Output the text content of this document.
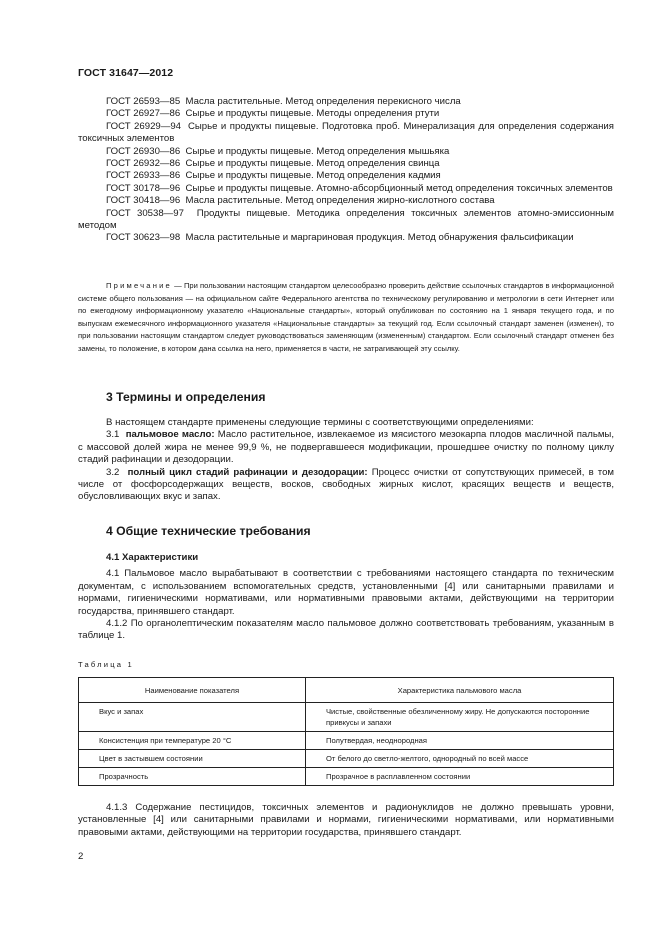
ГОСТ 31647—2012

ГОСТ 26593—85 Масла растительные. Метод определения перекисного числа

ГОСТ 26927—86 Сырье и продукты пищевые. Методы определения ртути

ГОСТ 26929—94 Сырье и продукты пищевые. Подготовка проб. Минерализация для определения содержания токсичных элементов

ГОСТ 26930—86 Сырье и продукты пищевые. Метод определения мышьяка

ГОСТ 26932—86 Сырье и продукты пищевые. Метод определения свинца

ГОСТ 26933—86 Сырье и продукты пищевые. Метод определения кадмия

ГОСТ 30178—96 Сырье и продукты пищевые. Атомно-абсорбционный метод определения токсичных элементов

ГОСТ 30418—96 Масла растительные. Метод определения жирно-кислотного состава

ГОСТ 30538—97 Продукты пищевые. Методика определения токсичных элементов атомно-эмиссионным методом

ГОСТ 30623—98 Масла растительные и маргариновая продукция. Метод обнаружения фальсификации

Примечание — При пользовании настоящим стандартом целесообразно проверить действие ссылочных стандартов в информационной системе общего пользования — на официальном сайте Федерального агентства по техническому регулированию и метрологии в сети Интернет или по ежегодному информационному указателю «Национальные стандарты», который опубликован по состоянию на 1 января текущего года, и по выпускам ежемесячного информационного указателя «Национальные стандарты» за текущий год. Если ссылочный стандарт заменен (изменен), то при пользовании настоящим стандартом следует руководствоваться заменяющим (измененным) стандартом. Если ссылочный стандарт отменен без замены, то положение, в котором дана ссылка на него, применяется в части, не затрагивающей эту ссылку.
3 Термины и определения

В настоящем стандарте применены следующие термины с соответствующими определениями:

3.1 пальмовое масло: Масло растительное, извлекаемое из мясистого мезокарпа плодов масличной пальмы, с массовой долей жира не менее 99,9 %, не подвергавшееся модификации, прошедшее очистку по полному циклу стадий рафинации и дезодорации.

3.2 полный цикл стадий рафинации и дезодорации: Процесс очистки от сопутствующих примесей, в том числе от фосфорсодержащих веществ, восков, свободных жирных кислот, красящих веществ и веществ, обусловливающих вкус и запах.

4 Общие технические требования

4.1 Характеристики

4.1 Пальмовое масло вырабатывают в соответствии с требованиями настоящего стандарта по техническим документам, с использованием вспомогательных средств, установленными [4] или санитарными правилами и нормами, гигиеническими нормативами, или нормативными правовыми актами, действующими на территории государства, принявшего стандарт.

4.1.2 По органолептическим показателям масло пальмовое должно соответствовать требованиям, указанным в таблице 1.

Таблица 1
Наименование показателя	Характеристика пальмового масла
Вкус и запах	Чистые, свойственные обезличенному жиру. Не допускаются посторонние привкусы и запахи
Консистенция при температуре 20 °С	Полутвердая, неоднородная
Цвет в застывшем состоянии	От белого до светло-желтого, однородный по всей массе
Прозрачность	Прозрачное в расплавленном состоянии

4.1.3 Содержание пестицидов, токсичных элементов и радионуклидов не должно превышать уровни, установленные [4] или санитарными правилами и нормами, гигиеническими нормативами, или нормативными правовыми актами, действующими на территории государства, принявшего стандарт.

2
